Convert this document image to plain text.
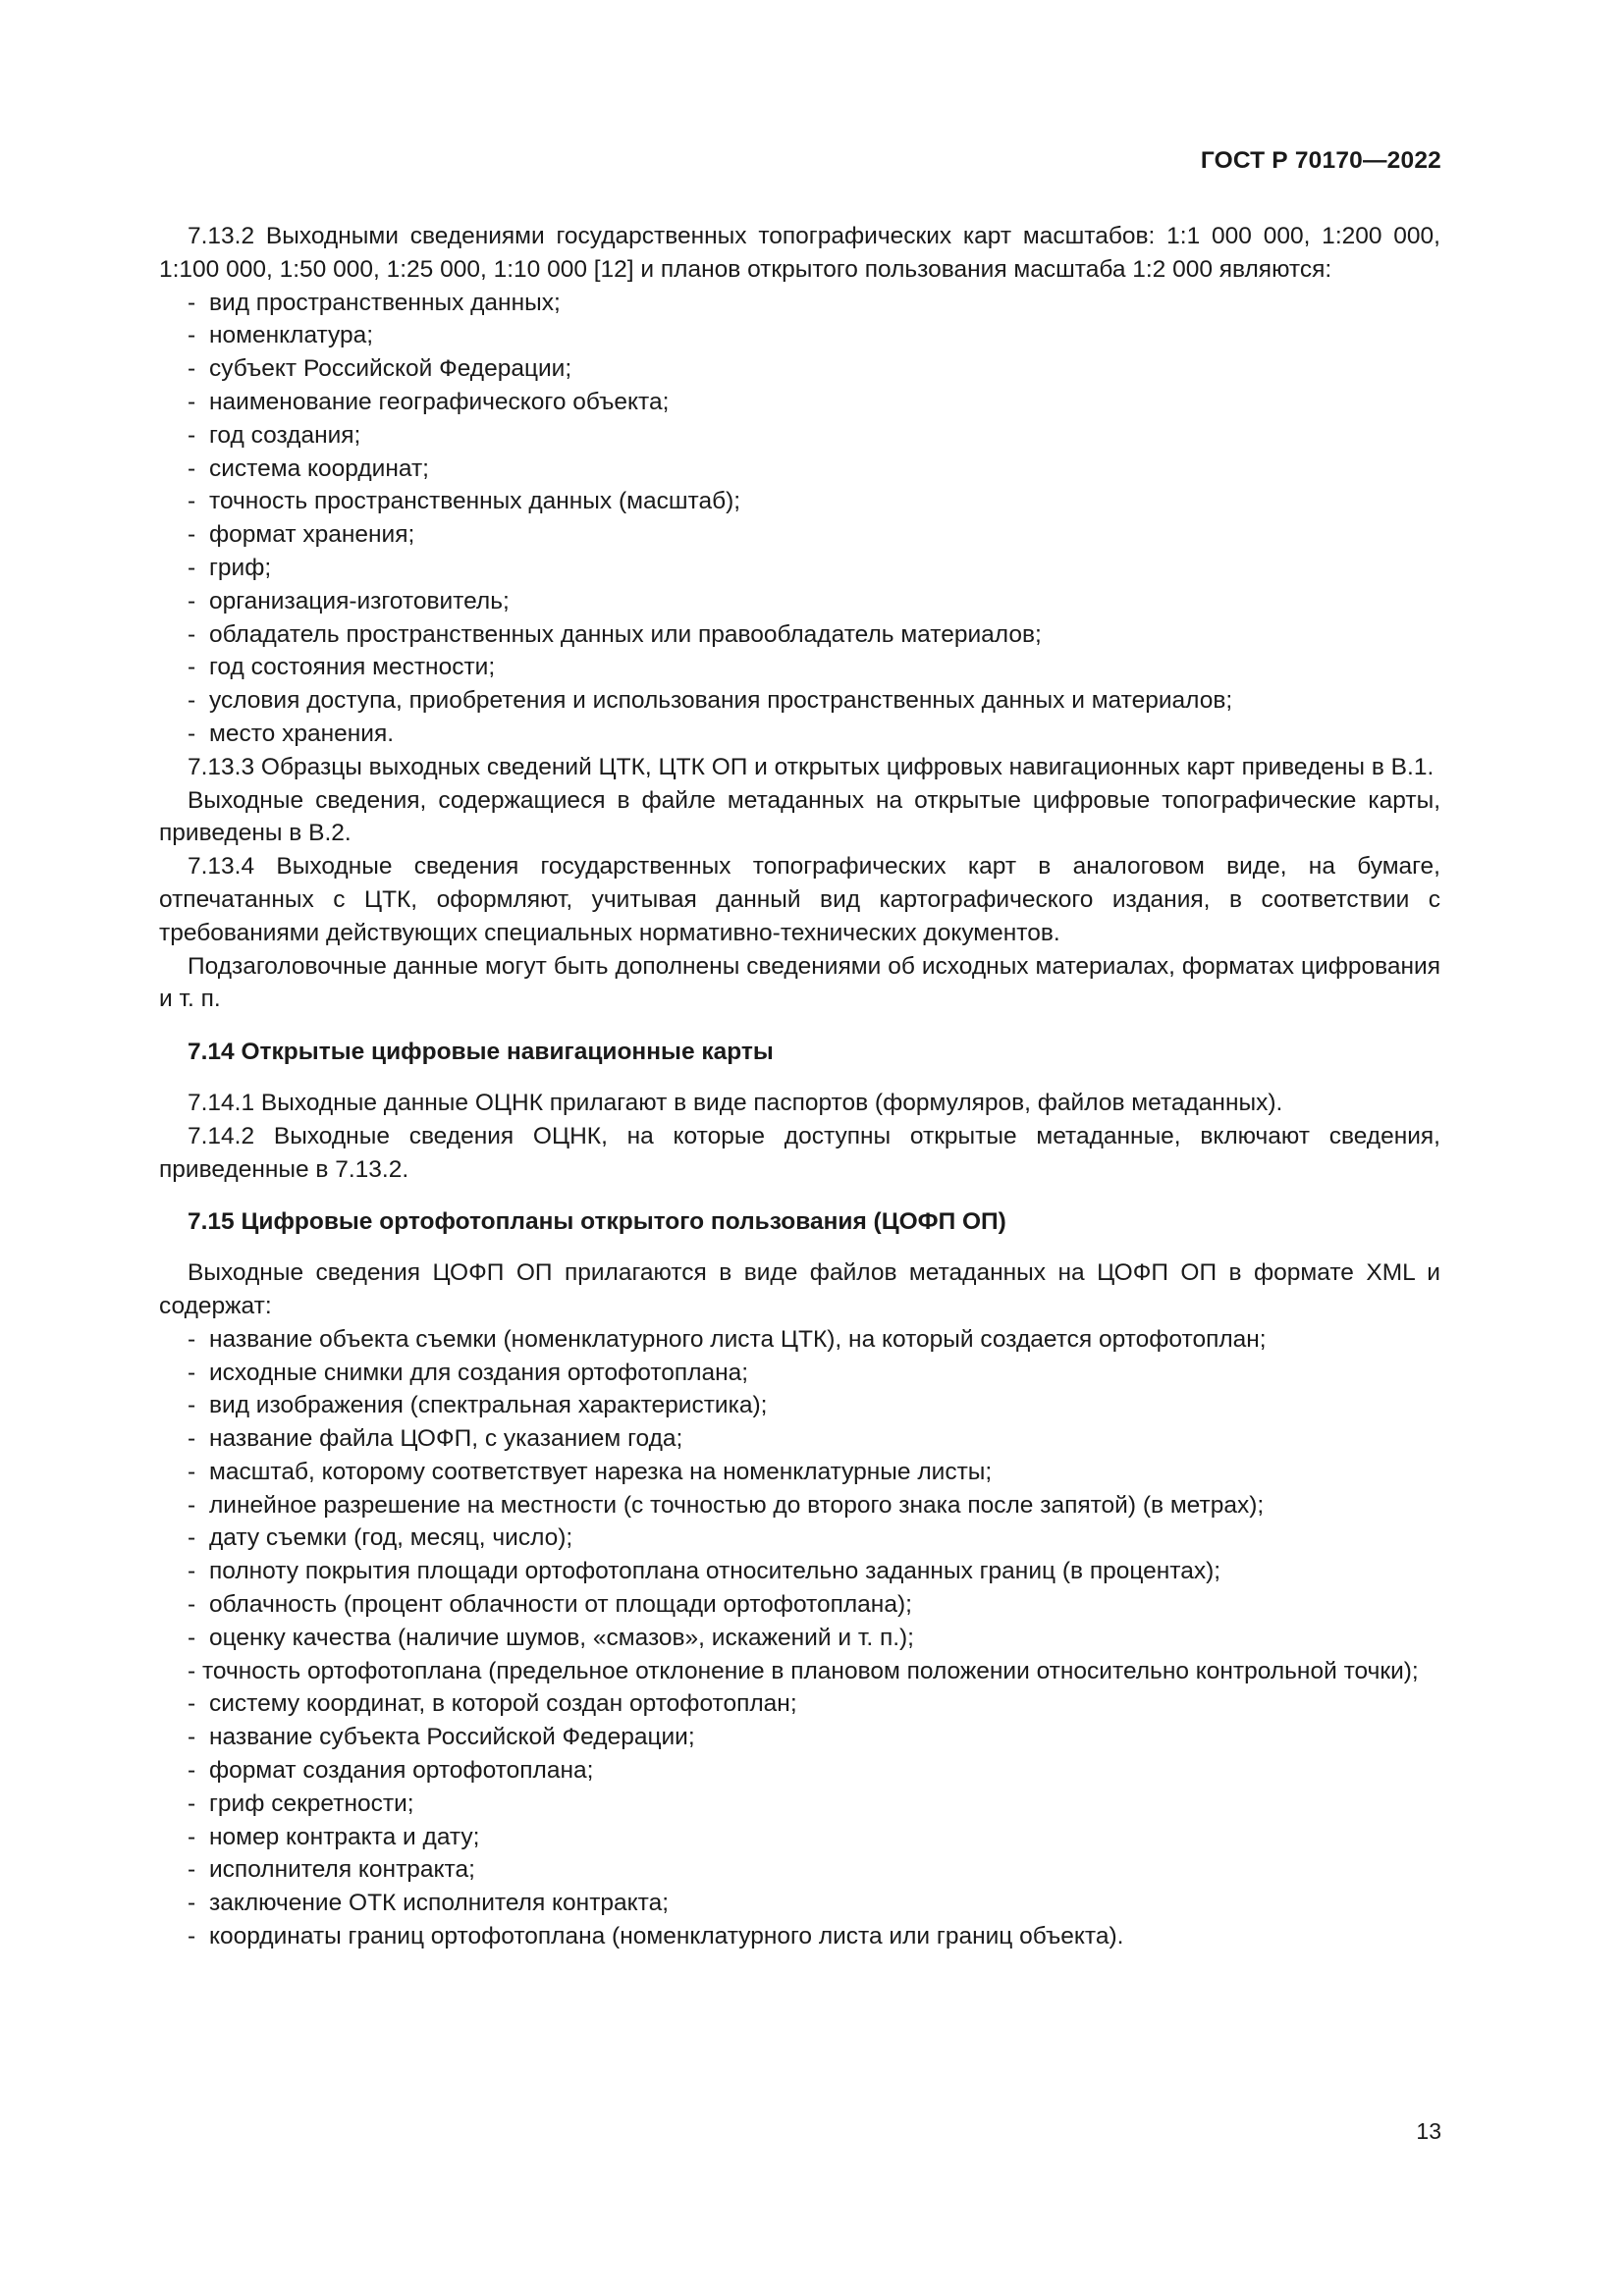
ГОСТ Р 70170—2022

7.13.2 Выходными сведениями государственных топографических карт масштабов: 1:1 000 000, 1:200 000, 1:100 000, 1:50 000, 1:25 000, 1:10 000 [12] и планов открытого пользования масштаба 1:2 000 являются:

- вид пространственных данных;
- номенклатура;
- субъект Российской Федерации;
- наименование географического объекта;
- год создания;
- система координат;
- точность пространственных данных (масштаб);
- формат хранения;
- гриф;
- организация-изготовитель;
- обладатель пространственных данных или правообладатель материалов;
- год состояния местности;
- условия доступа, приобретения и использования пространственных данных и материалов;
- место хранения.

7.13.3 Образцы выходных сведений ЦТК, ЦТК ОП и открытых цифровых навигационных карт приведены в В.1.

Выходные сведения, содержащиеся в файле метаданных на открытые цифровые топографические карты, приведены в В.2.

7.13.4 Выходные сведения государственных топографических карт в аналоговом виде, на бумаге, отпечатанных с ЦТК, оформляют, учитывая данный вид картографического издания, в соответствии с требованиями действующих специальных нормативно-технических документов.

Подзаголовочные данные могут быть дополнены сведениями об исходных материалах, форматах цифрования и т. п.

7.14 Открытые цифровые навигационные карты

7.14.1 Выходные данные ОЦНК прилагают в виде паспортов (формуляров, файлов метаданных).

7.14.2 Выходные сведения ОЦНК, на которые доступны открытые метаданные, включают сведения, приведенные в 7.13.2.

7.15 Цифровые ортофотопланы открытого пользования (ЦОФП ОП)

Выходные сведения ЦОФП ОП прилагаются в виде файлов метаданных на ЦОФП ОП в формате XML и содержат:

- название объекта съемки (номенклатурного листа ЦТК), на который создается ортофотоплан;
- исходные снимки для создания ортофотоплана;
- вид изображения (спектральная характеристика);
- название файла ЦОФП, с указанием года;
- масштаб, которому соответствует нарезка на номенклатурные листы;
- линейное разрешение на местности (с точностью до второго знака после запятой) (в метрах);
- дату съемки (год, месяц, число);
- полноту покрытия площади ортофотоплана относительно заданных границ (в процентах);
- облачность (процент облачности от площади ортофотоплана);
- оценку качества (наличие шумов, «смазов», искажений и т. п.);

- точность ортофотоплана (предельное отклонение в плановом положении относительно контрольной точки);

- систему координат, в которой создан ортофотоплан;
- название субъекта Российской Федерации;
- формат создания ортофотоплана;
- гриф секретности;
- номер контракта и дату;
- исполнителя контракта;
- заключение ОТК исполнителя контракта;
- координаты границ ортофотоплана (номенклатурного листа или границ объекта).
13
